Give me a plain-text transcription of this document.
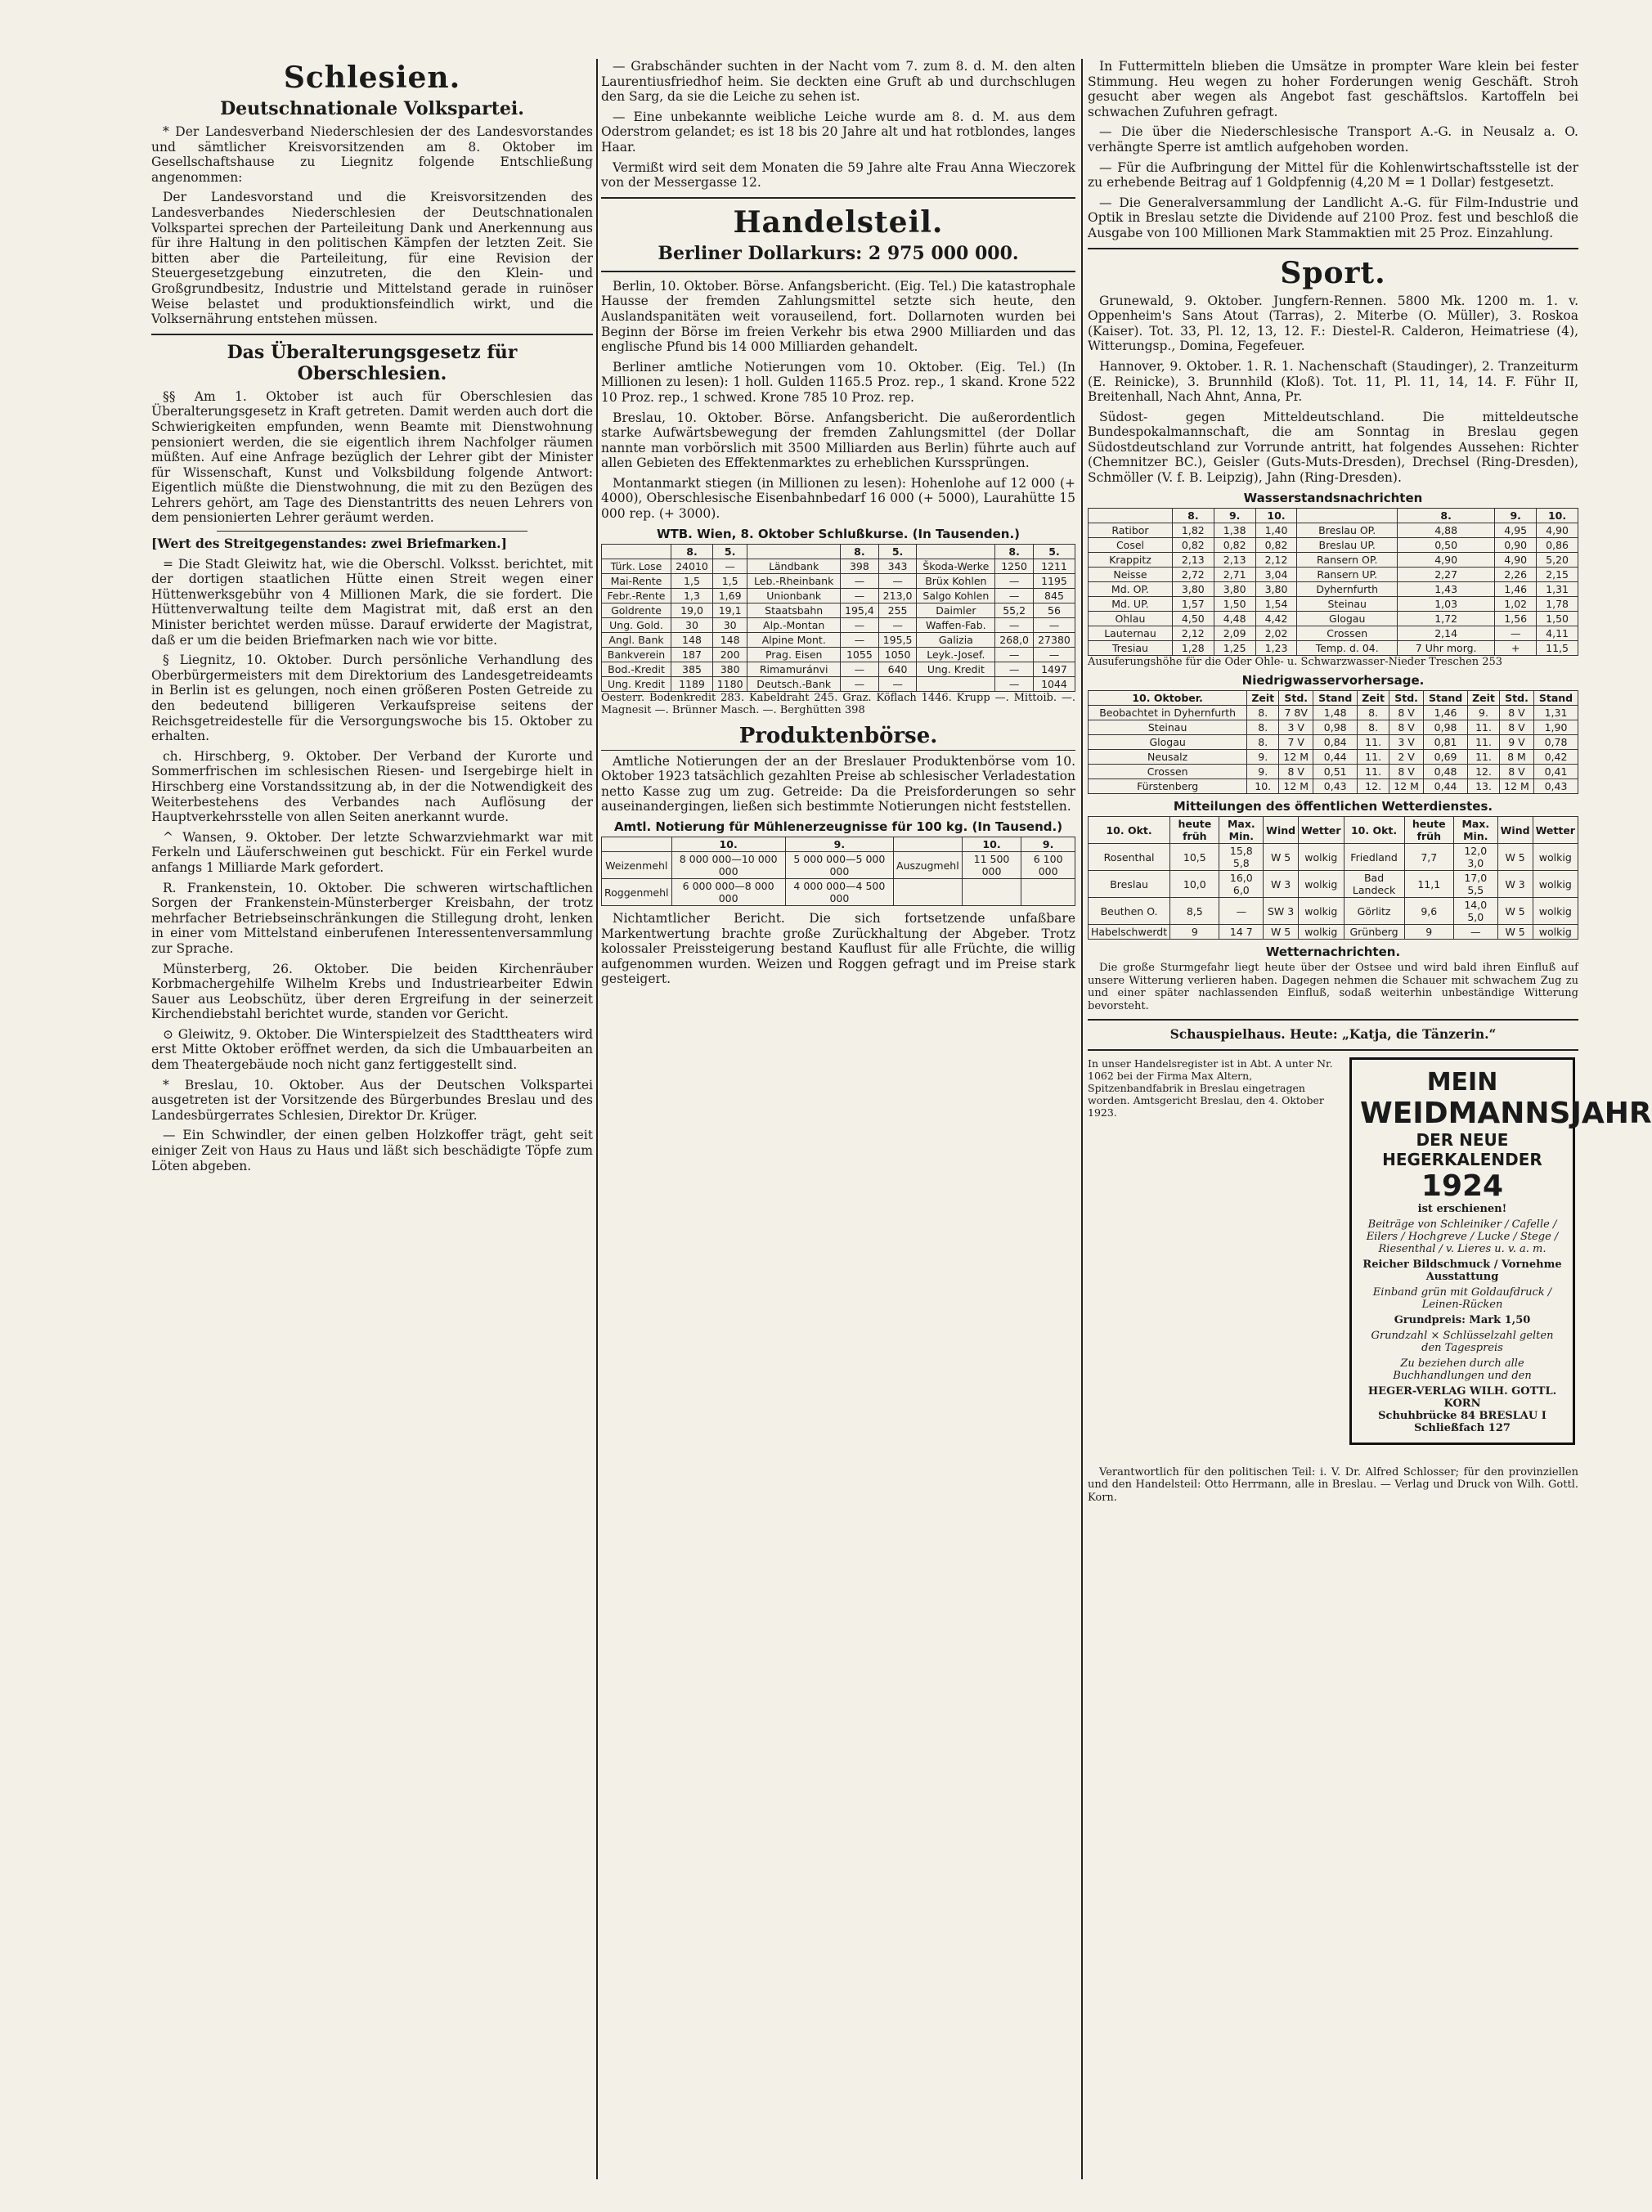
Schlesien.
Deutschnationale Volkspartei.

* Der Landesverband Niederschlesien der des Landesvorstandes und sämtlicher Kreisvorsitzenden am 8. Oktober im Gesellschaftshause zu Liegnitz folgende Entschließung angenommen:

Der Landesvorstand und die Kreisvorsitzenden des Landesverbandes Niederschlesien der Deutschnationalen Volkspartei sprechen der Parteileitung Dank und Anerkennung aus für ihre Haltung in den politischen Kämpfen der letzten Zeit. Sie bitten aber die Parteileitung, für eine Revision der Steuergesetzgebung einzutreten, die den Klein- und Großgrundbesitz, Industrie und Mittelstand gerade in ruinöser Weise belastet und produktionsfeindlich wirkt, und die Volksernährung entstehen müssen.

Das Überalterungsgesetz für Oberschlesien.

§§ Am 1. Oktober ist auch für Oberschlesien das Überalterungsgesetz in Kraft getreten. Damit werden auch dort die Schwierigkeiten empfunden, wenn Beamte mit Dienstwohnung pensioniert werden, die sie eigentlich ihrem Nachfolger räumen müßten. Auf eine Anfrage bezüglich der Lehrer gibt der Minister für Wissenschaft, Kunst und Volksbildung folgende Antwort: Eigentlich müßte die Dienstwohnung, die mit zu den Bezügen des Lehrers gehört, am Tage des Dienstantritts des neuen Lehrers von dem pensionierten Lehrer geräumt werden.

[Wert des Streitgegenstandes: zwei Briefmarken.]

= Die Stadt Gleiwitz hat, wie die Oberschl. Volksst. berichtet, mit der dortigen staatlichen Hütte einen Streit wegen einer Hüttenwerksgebühr von 4 Millionen Mark, die sie fordert. Die Hüttenverwaltung teilte dem Magistrat mit, daß erst an den Minister berichtet werden müsse. Darauf erwiderte der Magistrat, daß er um die beiden Briefmarken nach wie vor bitte.

§ Liegnitz, 10. Oktober. Durch persönliche Verhandlung des Oberbürgermeisters mit dem Direktorium des Landesgetreideamts in Berlin ist es gelungen, noch einen größeren Posten Getreide zu den bedeutend billigeren Verkaufspreise seitens der Reichsgetreidestelle für die Versorgungswoche bis 15. Oktober zu erhalten.

ch. Hirschberg, 9. Oktober. Der Verband der Kurorte und Sommerfrischen im schlesischen Riesen- und Isergebirge hielt in Hirschberg eine Vorstandssitzung ab, in der die Notwendigkeit des Weiterbestehens des Verbandes nach Auflösung der Hauptverkehrsstelle von allen Seiten anerkannt wurde.

^ Wansen, 9. Oktober. Der letzte Schwarzviehmarkt war mit Ferkeln und Läuferschweinen gut beschickt. Für ein Ferkel wurde anfangs 1 Milliarde Mark gefordert.

R. Frankenstein, 10. Oktober. Die schweren wirtschaftlichen Sorgen der Frankenstein-Münsterberger Kreisbahn, der trotz mehrfacher Betriebseinschränkungen die Stillegung droht, lenken in einer vom Mittelstand einberufenen Interessentenversammlung zur Sprache.

Münsterberg, 26. Oktober. Die beiden Kirchenräuber Korbmachergehilfe Wilhelm Krebs und Industriearbeiter Edwin Sauer aus Leobschütz, über deren Ergreifung in der seinerzeit Kirchendiebstahl berichtet wurde, standen vor Gericht.

⊙ Gleiwitz, 9. Oktober. Die Winterspielzeit des Stadttheaters wird erst Mitte Oktober eröffnet werden, da sich die Umbauarbeiten an dem Theatergebäude noch nicht ganz fertiggestellt sind.

* Breslau, 10. Oktober. Aus der Deutschen Volkspartei ausgetreten ist der Vorsitzende des Bürgerbundes Breslau und des Landesbürgerrates Schlesien, Direktor Dr. Krüger.

— Ein Schwindler, der einen gelben Holzkoffer trägt, geht seit einiger Zeit von Haus zu Haus und läßt sich beschädigte Töpfe zum Löten abgeben.

— Grabschänder suchten in der Nacht vom 7. zum 8. d. M. den alten Laurentiusfriedhof heim. Sie deckten eine Gruft ab und durchschlugen den Sarg, da sie die Leiche zu sehen ist.

— Eine unbekannte weibliche Leiche wurde am 8. d. M. aus dem Oderstrom gelandet; es ist 18 bis 20 Jahre alt und hat rotblondes, langes Haar.

Vermißt wird seit dem Monaten die 59 Jahre alte Frau Anna Wieczorek von der Messergasse 12.

Handelsteil.
Berliner Dollarkurs: 2 975 000 000.

Berlin, 10. Oktober. Börse. Anfangsbericht. (Eig. Tel.) Die katastrophale Hausse der fremden Zahlungsmittel setzte sich heute, den Auslandspanitäten weit vorauseilend, fort. Dollarnoten wurden bei Beginn der Börse im freien Verkehr bis etwa 2900 Milliarden und das englische Pfund bis 14 000 Milliarden gehandelt.

Berliner amtliche Notierungen vom 10. Oktober. (Eig. Tel.) (In Millionen zu lesen): 1 holl. Gulden 1165.5 Proz. rep., 1 skand. Krone 522 10 Proz. rep., 1 schwed. Krone 785 10 Proz. rep.

Breslau, 10. Oktober. Börse. Anfangsbericht. Die außerordentlich starke Aufwärtsbewegung der fremden Zahlungsmittel (der Dollar nannte man vorbörslich mit 3500 Milliarden aus Berlin) führte auch auf allen Gebieten des Effektenmarktes zu erheblichen Kurssprüngen.

Montanmarkt stiegen (in Millionen zu lesen): Hohenlohe auf 12 000 (+ 4000), Oberschlesische Eisenbahnbedarf 16 000 (+ 5000), Laurahütte 15 000 rep. (+ 3000).

WTB. Wien, 8. Oktober Schlußkurse. (In Tausenden.)
	8.	5.		8.	5.		8.	5.
Türk. Lose	24010	—	Ländbank	398	343	Škoda-Werke	1250	1211
Mai-Rente	1,5	1,5	Leb.-Rheinbank	—	—	Brüx Kohlen	—	1195
Febr.-Rente	1,3	1,69	Unionbank	—	213,0	Salgo Kohlen	—	845
Goldrente	19,0	19,1	Staatsbahn	195,4	255	Daimler	55,2	56
Ung. Gold.	30	30	Alp.-Montan	—	—	Waffen-Fab.	—	—
Angl. Bank	148	148	Alpine Mont.	—	195,5	Galizia	268,0	27380
Bankverein	187	200	Prag. Eisen	1055	1050	Leyk.-Josef.	—	—
Bod.-Kredit	385	380	Rimamuránvi	—	640	Ung. Kredit	—	1497
Ung. Kredit	1189	1180	Deutsch.-Bank	—	—		—	1044

Oesterr. Bodenkredit 283. Kabeldraht 245. Graz. Köflach 1446. Krupp —. Mittoib. —. Magnesit —. Brünner Masch. —. Berghütten 398

Produktenbörse.

Amtliche Notierungen der an der Breslauer Produktenbörse vom 10. Oktober 1923 tatsächlich gezahlten Preise ab schlesischer Verladestation netto Kasse zug um zug. Getreide: Da die Preisforderungen so sehr auseinandergingen, ließen sich bestimmte Notierungen nicht feststellen.

Amtl. Notierung für Mühlenerzeugnisse für 100 kg. (In Tausend.)
	10.	9.		10.	9.
Weizenmehl	8 000 000—10 000 000	5 000 000—5 000 000	Auszugmehl	11 500 000	6 100 000
Roggenmehl	6 000 000—8 000 000	4 000 000—4 500 000			

Nichtamtlicher Bericht. Die sich fortsetzende unfaßbare Markentwertung brachte große Zurückhaltung der Abgeber. Trotz kolossaler Preissteigerung bestand Kauflust für alle Früchte, die willig aufgenommen wurden. Weizen und Roggen gefragt und im Preise stark gesteigert.

In Futtermitteln blieben die Umsätze in prompter Ware klein bei fester Stimmung. Heu wegen zu hoher Forderungen wenig Geschäft. Stroh gesucht aber wegen als Angebot fast geschäftslos. Kartoffeln bei schwachen Zufuhren gefragt.

— Die über die Niederschlesische Transport A.-G. in Neusalz a. O. verhängte Sperre ist amtlich aufgehoben worden.

— Für die Aufbringung der Mittel für die Kohlenwirtschaftsstelle ist der zu erhebende Beitrag auf 1 Goldpfennig (4,20 M = 1 Dollar) festgesetzt.

— Die Generalversammlung der Landlicht A.-G. für Film-Industrie und Optik in Breslau setzte die Dividende auf 2100 Proz. fest und beschloß die Ausgabe von 100 Millionen Mark Stammaktien mit 25 Proz. Einzahlung.

Sport.

Grunewald, 9. Oktober. Jungfern-Rennen. 5800 Mk. 1200 m. 1. v. Oppenheim's Sans Atout (Tarras), 2. Miterbe (O. Müller), 3. Roskoa (Kaiser). Tot. 33, Pl. 12, 13, 12. F.: Diestel-R. Calderon, Heimatriese (4), Witterungsp., Domina, Fegefeuer.

Hannover, 9. Oktober. 1. R. 1. Nachenschaft (Staudinger), 2. Tranzeiturm (E. Reinicke), 3. Brunnhild (Kloß). Tot. 11, Pl. 11, 14, 14. F. Führ II, Breitenhall, Nach Ahnt, Anna, Pr.

Südost- gegen Mitteldeutschland. Die mitteldeutsche Bundespokalmannschaft, die am Sonntag in Breslau gegen Südostdeutschland zur Vorrunde antritt, hat folgendes Aussehen: Richter (Chemnitzer BC.), Geisler (Guts-Muts-Dresden), Drechsel (Ring-Dresden), Schmöller (V. f. B. Leipzig), Jahn (Ring-Dresden).

Wasserstandsnachrichten
	8.	9.	10.		8.	9.	10.
Ratibor	1,82	1,38	1,40	Breslau OP.	4,88	4,95	4,90
Cosel	0,82	0,82	0,82	Breslau UP.	0,50	0,90	0,86
Krappitz	2,13	2,13	2,12	Ransern OP.	4,90	4,90	5,20
Neisse	2,72	2,71	3,04	Ransern UP.	2,27	2,26	2,15
Md. OP.	3,80	3,80	3,80	Dyhernfurth	1,43	1,46	1,31
Md. UP.	1,57	1,50	1,54	Steinau	1,03	1,02	1,78
Ohlau	4,50	4,48	4,42	Glogau	1,72	1,56	1,50
Lauternau	2,12	2,09	2,02	Crossen	2,14	—	4,11
Tresiau	1,28	1,25	1,23	Temp. d. 04.	7 Uhr morg.	+	11,5

Ausuferungshöhe für die Oder Ohle- u. Schwarzwasser-Nieder Treschen 253

Niedrigwasservorhersage.
10. Oktober.	Zeit	Std.	Stand	Zeit	Std.	Stand	Zeit	Std.	Stand
Beobachtet in Dyhernfurth	8.	7 8V	1,48	8.	8 V	1,46	9.	8 V	1,31
Steinau	8.	3 V	0,98	8.	8 V	0,98	11.	8 V	1,90
Glogau	8.	7 V	0,84	11.	3 V	0,81	11.	9 V	0,78
Neusalz	9.	12 M	0,44	11.	2 V	0,69	11.	8 M	0,42
Crossen	9.	8 V	0,51	11.	8 V	0,48	12.	8 V	0,41
Fürstenberg	10.	12 M	0,43	12.	12 M	0,44	13.	12 M	0,43
Mitteilungen des öffentlichen Wetterdienstes.
10. Okt.	heute früh	Max. Min.	Wind	Wetter	10. Okt.	heute früh	Max. Min.	Wind	Wetter
Rosenthal	10,5	15,8 5,8	W 5	wolkig	Friedland	7,7	12,0 3,0	W 5	wolkig
Breslau	10,0	16,0 6,0	W 3	wolkig	Bad Landeck	11,1	17,0 5,5	W 3	wolkig
Beuthen O.	8,5	—	SW 3	wolkig	Görlitz	9,6	14,0 5,0	W 5	wolkig
Habelschwerdt	9	14 7	W 5	wolkig	Grünberg	9	—	W 5	wolkig
Wetternachrichten.

Die große Sturmgefahr liegt heute über der Ostsee und wird bald ihren Einfluß auf unsere Witterung verlieren haben. Dagegen nehmen die Schauer mit schwachem Zug zu und einer später nachlassenden Einfluß, sodaß weiterhin unbeständige Witterung bevorsteht.

Schauspielhaus. Heute: „Katja, die Tänzerin.“

In unser Handelsregister ist in Abt. A unter Nr. 1062 bei der Firma Max Altern, Spitzenbandfabrik in Breslau eingetragen worden. Amtsgericht Breslau, den 4. Oktober 1923.
MEIN
WEIDMANNSJAHR
DER NEUE HEGERKALENDER
1924
ist erschienen!
Beiträge von Schleiniker / Cafelle / Eilers / Hochgreve / Lucke / Stege / Riesenthal / v. Lieres u. v. a. m.
Reicher Bildschmuck / Vornehme Ausstattung
Einband grün mit Goldaufdruck / Leinen-Rücken
Grundpreis: Mark 1,50
Grundzahl × Schlüsselzahl gelten den Tagespreis
Zu beziehen durch alle Buchhandlungen und den
HEGER-VERLAG WILH. GOTTL. KORN
Schuhbrücke 84 BRESLAU I Schließfach 127

Verantwortlich für den politischen Teil: i. V. Dr. Alfred Schlosser; für den provinziellen und den Handelsteil: Otto Herrmann, alle in Breslau. — Verlag und Druck von Wilh. Gottl. Korn.
